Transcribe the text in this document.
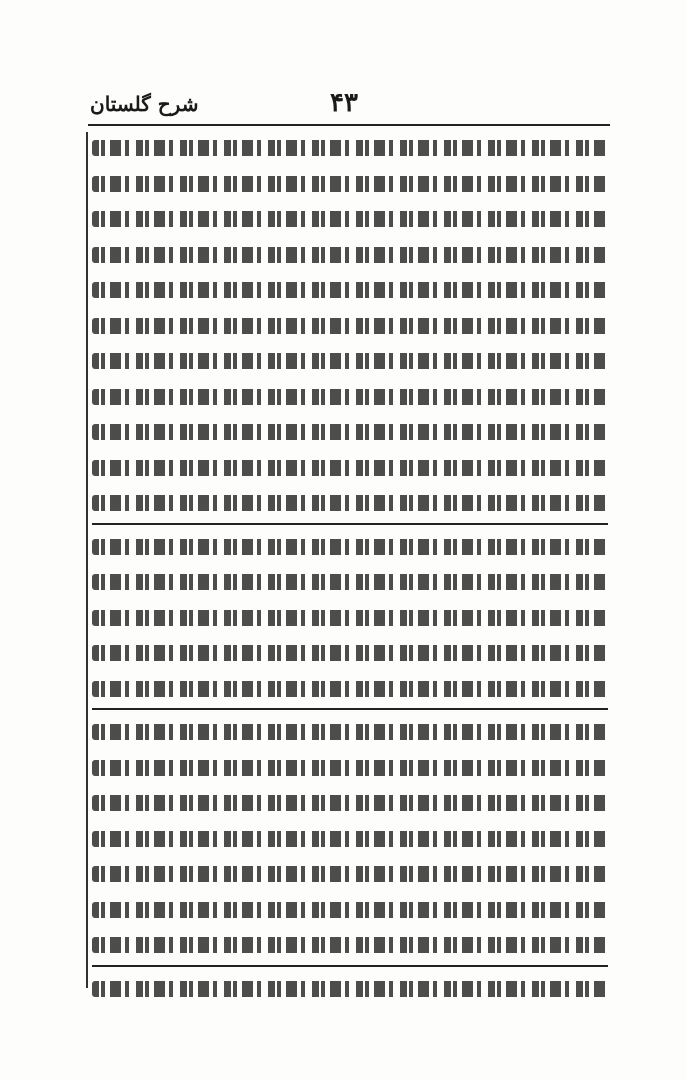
شرح گلستان	۴۳
